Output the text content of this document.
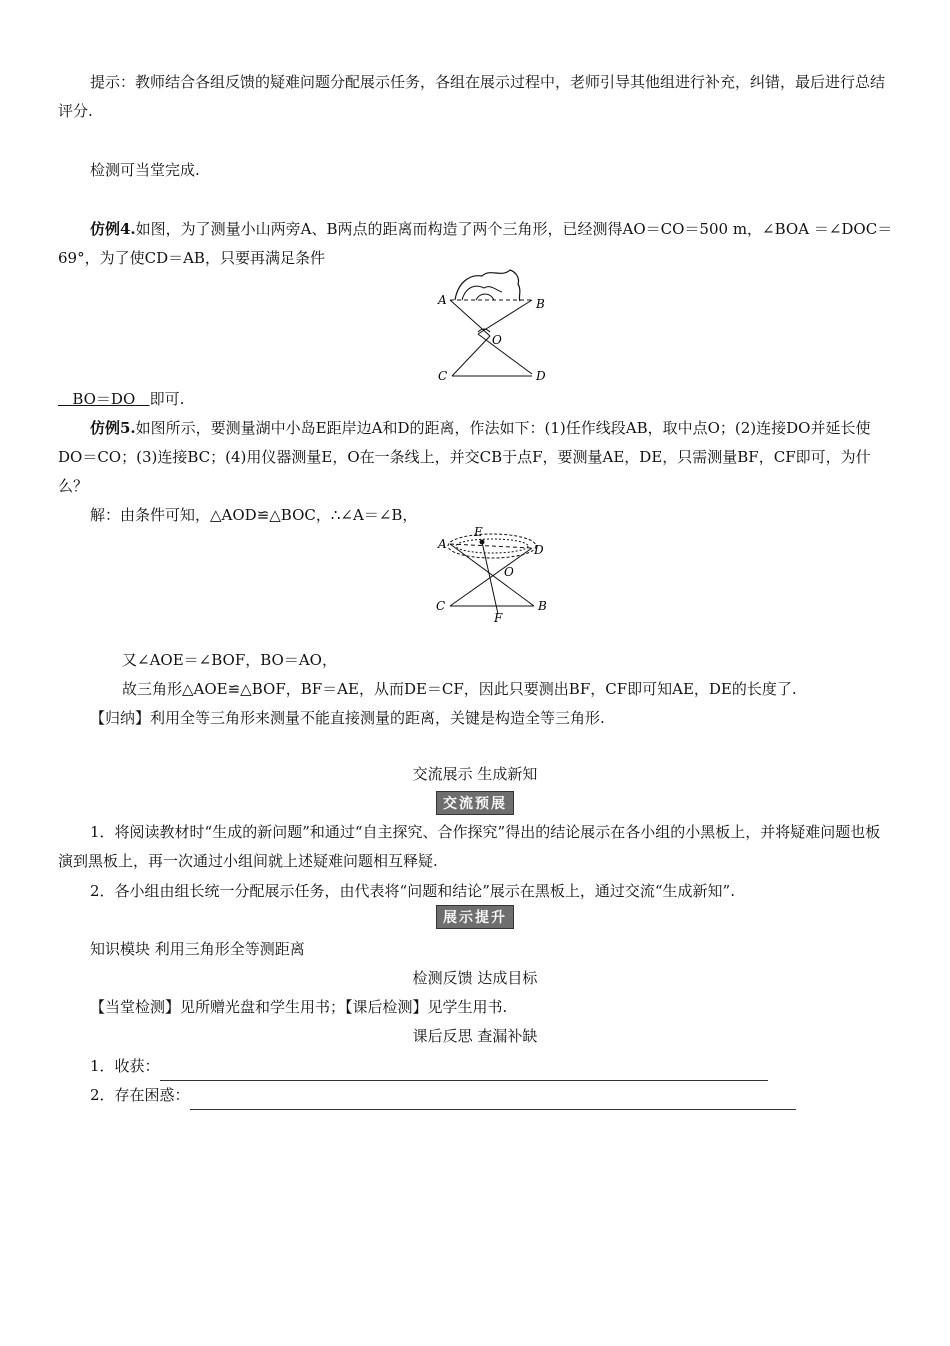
提示：教师结合各组反馈的疑难问题分配展示任务，各组在展示过程中，老师引导其他组进行补充，纠错，最后进行总结评分.
检测可当堂完成.
仿例4.如图，为了测量小山两旁A、B两点的距离而构造了两个三角形，已经测得AO＝CO＝500 m，∠BOA ＝∠DOC＝69°，为了使CD＝AB，只要再满足条件
A	B
O
C	D
BO＝DO 即可.
仿例5.如图所示，要测量湖中小岛E距岸边A和D的距离，作法如下：(1)任作线段AB，取中点O；(2)连接DO并延长使DO＝CO；(3)连接BC；(4)用仪器测量E，O在一条线上，并交CB于点F，要测量AE，DE，只需测量BF，CF即可，为什么？
解：由条件可知，△AOD≌△BOC，∴∠A＝∠B，
A
E
D
O
C	B
F
又∠AOE＝∠BOF，BO＝AO，
故三角形△AOE≌△BOF，BF＝AE，从而DE＝CF，因此只要测出BF，CF即可知AE，DE的长度了.
【归纳】利用全等三角形来测量不能直接测量的距离，关键是构造全等三角形.
交流展示 生成新知
交流预展
1．将阅读教材时“生成的新问题”和通过“自主探究、合作探究”得出的结论展示在各小组的小黑板上，并将疑难问题也板演到黑板上，再一次通过小组间就上述疑难问题相互释疑.
2．各小组由组长统一分配展示任务，由代表将“问题和结论”展示在黑板上，通过交流“生成新知”.
展示提升
知识模块 利用三角形全等测距离
检测反馈 达成目标
【当堂检测】见所赠光盘和学生用书；【课后检测】见学生用书.
课后反思 查漏补缺
1．收获：
2．存在困惑：
